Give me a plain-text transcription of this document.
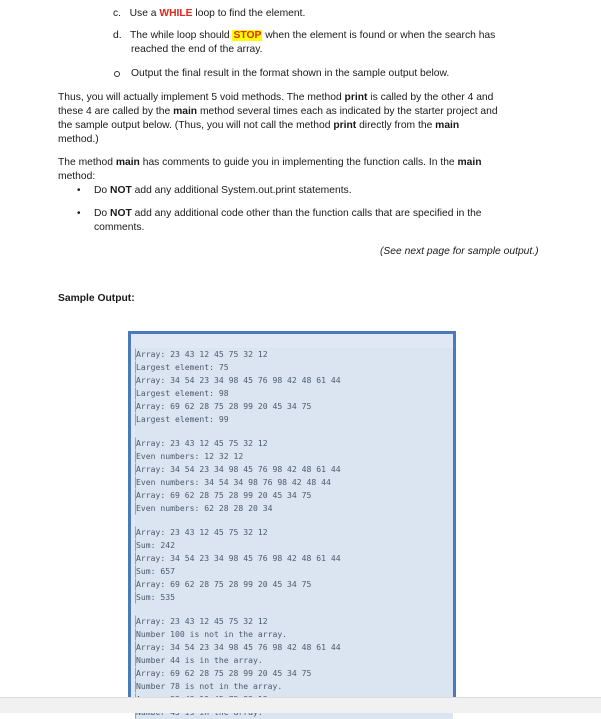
c. Use a WHILE loop to find the element.
d. The while loop should STOP when the element is found or when the search has
reached the end of the array.
Output the final result in the format shown in the sample output below.
Thus, you will actually implement 5 void methods. The method print is called by the other 4 and
these 4 are called by the main method several times each as indicated by the starter project and
the sample output below. (Thus, you will not call the method print directly from the main
method.)
The method main has comments to guide you in implementing the function calls. In the main
method:
• Do NOT add any additional System.out.print statements.
• Do NOT add any additional code other than the function calls that are specified in the
comments.
(See next page for sample output.)
Sample Output:
Array: 23 43 12 45 75 32 12
Largest element: 75
Array: 34 54 23 34 98 45 76 98 42 48 61 44
Largest element: 98
Array: 69 62 28 75 28 99 20 45 34 75
Largest element: 99
Array: 23 43 12 45 75 32 12
Even numbers: 12 32 12
Array: 34 54 23 34 98 45 76 98 42 48 61 44
Even numbers: 34 54 34 98 76 98 42 48 44
Array: 69 62 28 75 28 99 20 45 34 75
Even numbers: 62 28 28 20 34
Array: 23 43 12 45 75 32 12
Sum: 242
Array: 34 54 23 34 98 45 76 98 42 48 61 44
Sum: 657
Array: 69 62 28 75 28 99 20 45 34 75
Sum: 535
Array: 23 43 12 45 75 32 12
Number 100 is not in the array.
Array: 34 54 23 34 98 45 76 98 42 48 61 44
Number 44 is in the array.
Array: 69 62 28 75 28 99 20 45 34 75
Number 78 is not in the array.
